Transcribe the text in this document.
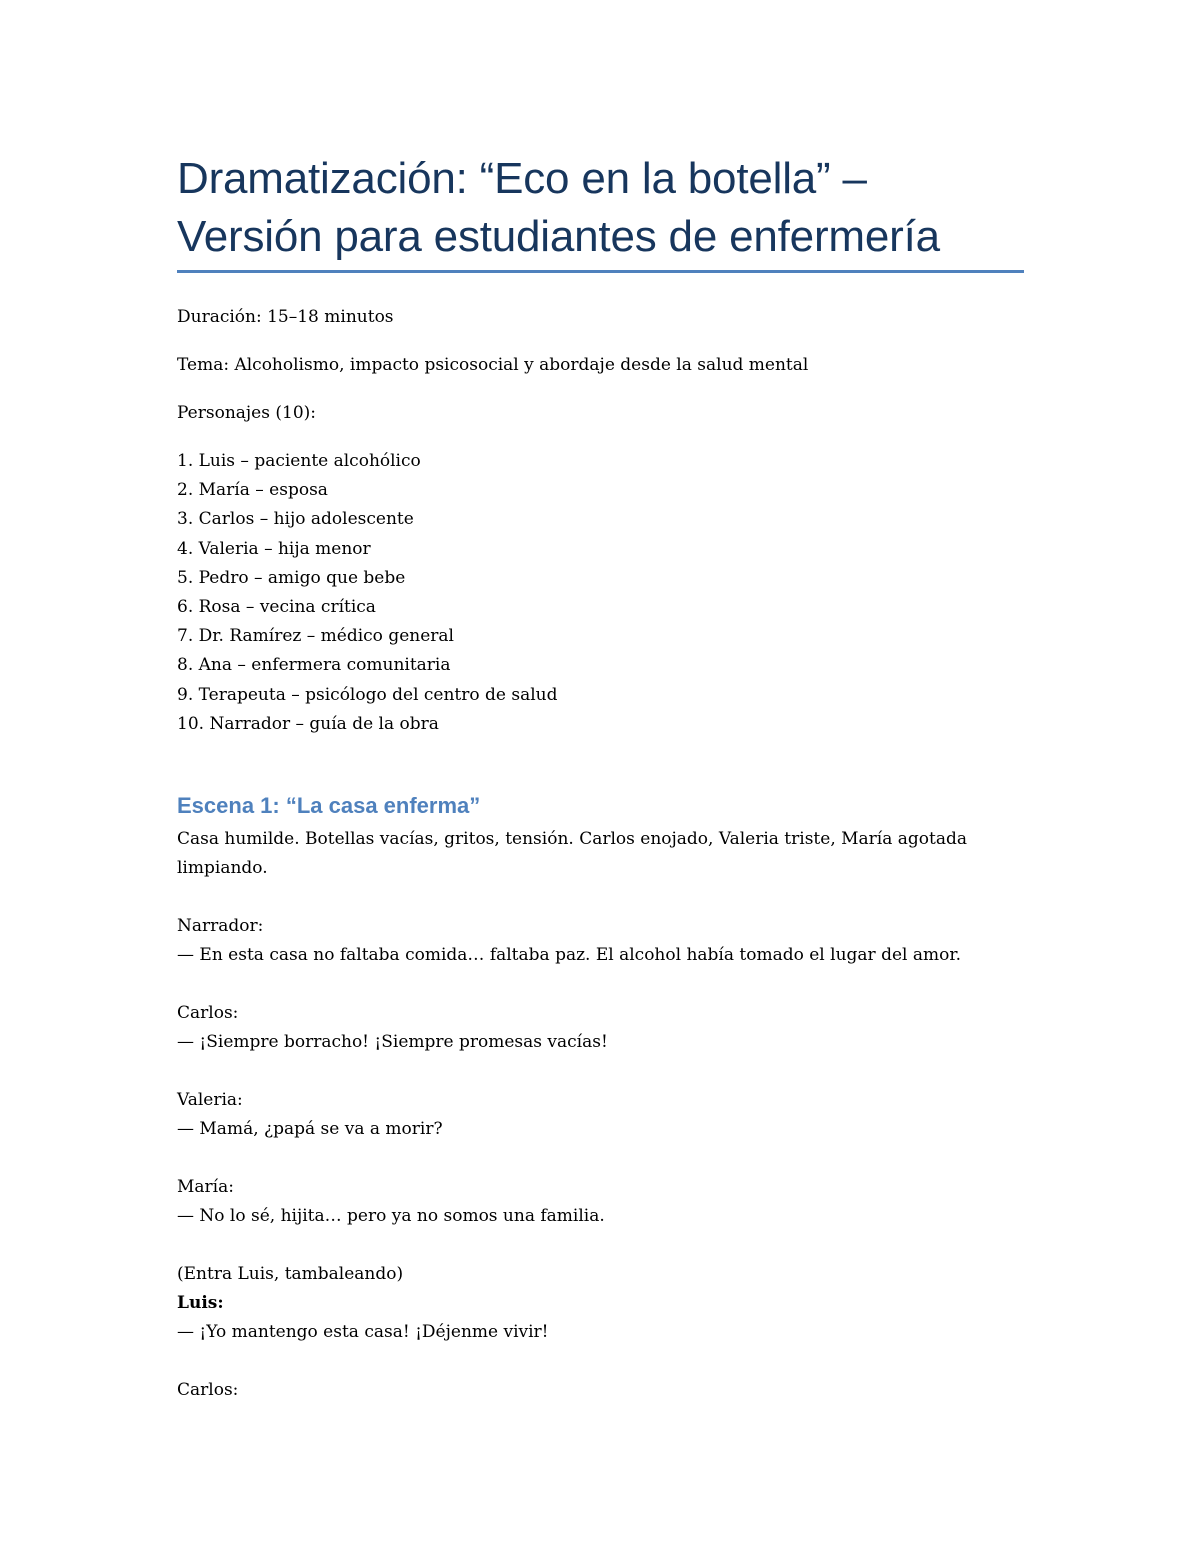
Dramatización: “Eco en la botella” –
Versión para estudiantes de enfermería

Duración: 15–18 minutos

Tema: Alcoholismo, impacto psicosocial y abordaje desde la salud mental

Personajes (10):

1. Luis – paciente alcohólico
2. María – esposa
3. Carlos – hijo adolescente
4. Valeria – hija menor
5. Pedro – amigo que bebe
6. Rosa – vecina crítica
7. Dr. Ramírez – médico general
8. Ana – enfermera comunitaria
9. Terapeuta – psicólogo del centro de salud
10. Narrador – guía de la obra
Escena 1: “La casa enferma”

Casa humilde. Botellas vacías, gritos, tensión. Carlos enojado, Valeria triste, María agotada limpiando.

Narrador:
— En esta casa no faltaba comida… faltaba paz. El alcohol había tomado el lugar del amor.
Carlos:
— ¡Siempre borracho! ¡Siempre promesas vacías!
Valeria:
— Mamá, ¿papá se va a morir?
María:
— No lo sé, hijita… pero ya no somos una familia.
(Entra Luis, tambaleando)
Luis:
— ¡Yo mantengo esta casa! ¡Déjenme vivir!
Carlos:
